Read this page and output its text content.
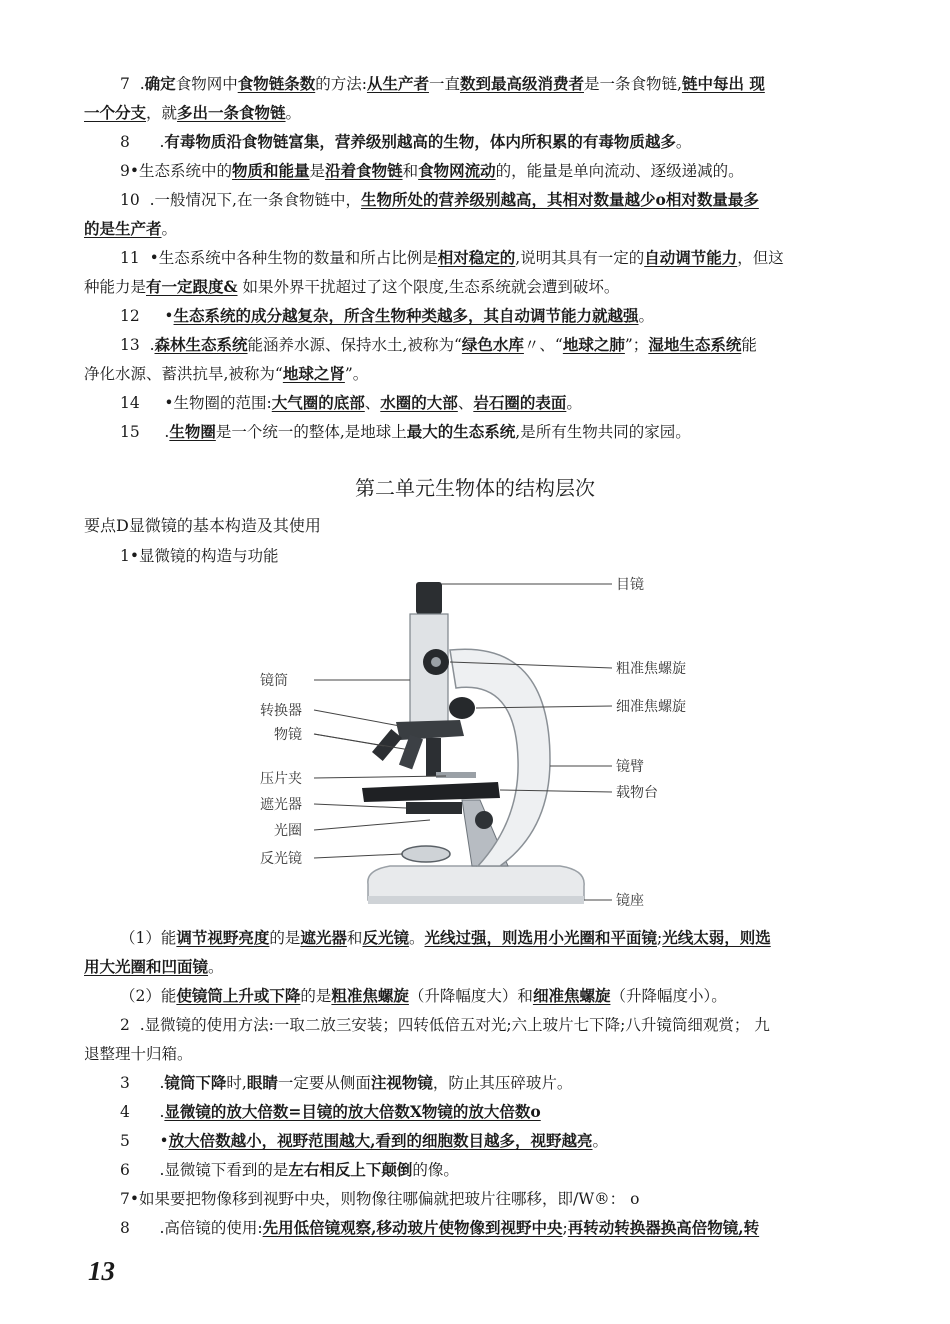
7 .确定食物网中食物链条数的方法:从生产者一直数到最高级消费者是一条食物链,链中每出 现
一个分支，就多出一条食物链。
8 .有毒物质沿食物链富集，营养级别越高的生物，体内所积累的有毒物质越多。
9•生态系统中的物质和能量是沿着食物链和食物网流动的，能量是单向流动、逐级递减的。
10 .一般情况下,在一条食物链中，生物所处的营养级别越高，其相对数量越少o相对数量最多
的是生产者。
11 •生态系统中各种生物的数量和所占比例是相对稳定的,说明其具有一定的自动调节能力，但这
种能力是有一定跟度& 如果外界干扰超过了这个限度,生态系统就会遭到破坏。
12 •生态系统的成分越复杂，所含生物种类越多，其自动调节能力就越强。
13 .森林生态系统能涵养水源、保持水土,被称为“绿色水库〃、“地球之肺”；湿地生态系统能
净化水源、蓄洪抗旱,被称为“地球之肾”。
14 •生物圈的范围:大气圈的底部、水圈的大部、岩石圈的表面。
15 .生物圈是一个统一的整体,是地球上最大的生态系统,是所有生物共同的家园。
第二单元生物体的结构层次
要点D显微镜的基本构造及其使用
1•显微镜的构造与功能
镜筒
转换器
物镜
压片夹
遮光器
光圈
反光镜
目镜
粗准焦螺旋
细准焦螺旋
镜臂
载物台
镜座
（1）能调节视野亮度的是遮光器和反光镜。光线过强，则选用小光圈和平面镜;光线太弱，则选
用大光圈和凹面镜。
（2）能使镜筒上升或下降的是粗准焦螺旋（升降幅度大）和细准焦螺旋（升降幅度小）。
2 .显微镜的使用方法:一取二放三安装；四转低倍五对光;六上玻片七下降;八升镜筒细观赏； 九
退整理十归箱。
3 .镜筒下降时,眼睛一定要从侧面注视物镜，防止其压碎玻片。
4 .显微镜的放大倍数=目镜的放大倍数X物镜的放大倍数o
5 •放大倍数越小，视野范围越大,看到的细胞数目越多，视野越亮。
6 .显微镜下看到的是左右相反上下颠倒的像。
7•如果要把物像移到视野中央，则物像往哪偏就把玻片往哪移，即/W®： o
8 .高倍镜的使用:先用低倍镜观察,移动玻片使物像到视野中央;再转动转换器换高倍物镜,转
13
